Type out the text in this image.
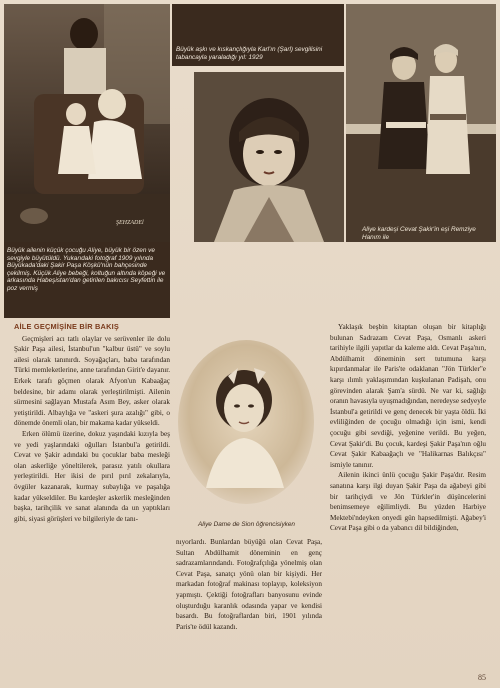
ŞEHZADEl
Büyük ailenin küçük çocuğu Aliye, büyük bir özen ve sevgiyle büyütüldü. Yukarıdaki fotoğraf 1909 yılında Büyükada'daki Şakir Paşa Köşkü'nün bahçesinde çekilmiş. Küçük Aliye bebeği, koltuğun altında köpeği ve arkasında Habeşistan'dan getirilen bakıcısı Seyfettin ile poz vermiş
Büyük aşkı ve kıskançlığıyla Karl'ın (Şarl) sevgilisini tabancayla yaraladığı yıl: 1929
Aliye kardeşi Cevat Şakir'in eşi Remziye Hanım ile
Aliye Dame de Sion öğrencisiyken
AİLE GEÇMİŞİNE BİR BAKIŞ

Geçmişleri acı tatlı olaylar ve serüvenler ile dolu Şakir Paşa ailesi, İstanbul'un "kalbur üstü" ve soylu ailesi olarak tanınırdı. Soyağaçları, baba tarafından Türki memleketlerine, anne tarafından Girit'e dayanır. Erkek tarafı göçmen olarak Afyon'un Kabaağaç beldesine, bir adamı olarak yerleştirilmişti. Ailenin sürmesini sağlayan Mustafa Asım Bey, asker olarak yetiştirildi. Albaylığa ve "askeri şura azalığı" gibi, o dönemde önemli olan, bir makama kadar yükseldi.

Erken ölümü üzerine, dokuz yaşındaki kızıyla beş ve yedi yaşlarındaki oğulları İstanbul'a getirildi. Cevat ve Şakir adındaki bu çocuklar baba mesleği olan askerliğe yöneltilerek, parasız yatılı okullara yerleştirildi. Her ikisi de pırıl pırıl zekalarıyla, övgüler kazanarak, kurmay subaylığa ve paşalığa kadar yükseldiler. Bu kardeşler askerlik mesleğinden başka, tarihçilik ve sanat alanında da un yaptıkları gibi, siyasi görüşleri ve bilgileriyle de tanı-

nıyorlardı. Bunlardan büyüğü olan Cevat Paşa, Sultan Abdülhamit döneminin en genç sadrazamlarındandı. Fotoğrafçılığa yönelmiş olan Cevat Paşa, sanatçı yönü olan bir kişiydi. Her markadan fotoğraf makinası toplayıp, koleksiyon yapmıştı. Çektiği fotoğrafları banyosunu evinde oluşturduğu karanlık odasında yapar ve kendisi basardı. Bu fotoğraflardan biri, 1901 yılında Paris'te ödül kazandı.

Yaklaşık beşbin kitaptan oluşan bir kitaplığı bulunan Sadrazam Cevat Paşa, Osmanlı askeri tarihiyle ilgili yapıtlar da kaleme aldı. Cevat Paşa'nın, Abdülhamit döneminin sert tutumuna karşı kıpırdanmalar ile Paris'te odaklanan "Jön Türkler"e karşı ılımlı yaklaşımından kuşkulanan Padişah, onu görevinden alarak Şam'a sürdü. Ne var ki, sağlığı oranın havasıyla uyuşmadığından, neredeyse sedyeyle İstanbul'a getirildi ve genç denecek bir yaşta öldü. İki evliliğinden de çocuğu olmadığı için ismi, kendi çocuğu gibi sevdiği, yeğenine verildi. Bu yeğen, Cevat Şakir'di. Bu çocuk, kardeşi Şakir Paşa'nın oğlu Cevat Şakir Kabaağaçlı ve "Halikarnas Balıkçısı" ismiyle tanınır.

Ailenin ikinci ünlü çocuğu Şakir Paşa'dır. Resim sanatına karşı ilgi duyan Şakir Paşa da ağabeyi gibi bir tarihçiydi ve Jön Türkler'in düşüncelerini benimsemeye eğilimliydi. Bu yüzden Harbiye Mektebi'ndeyken onyedi gün hapsedilmişti. Ağabey'i Cevat Paşa gibi o da yabancı dil bildiğinden,

85
